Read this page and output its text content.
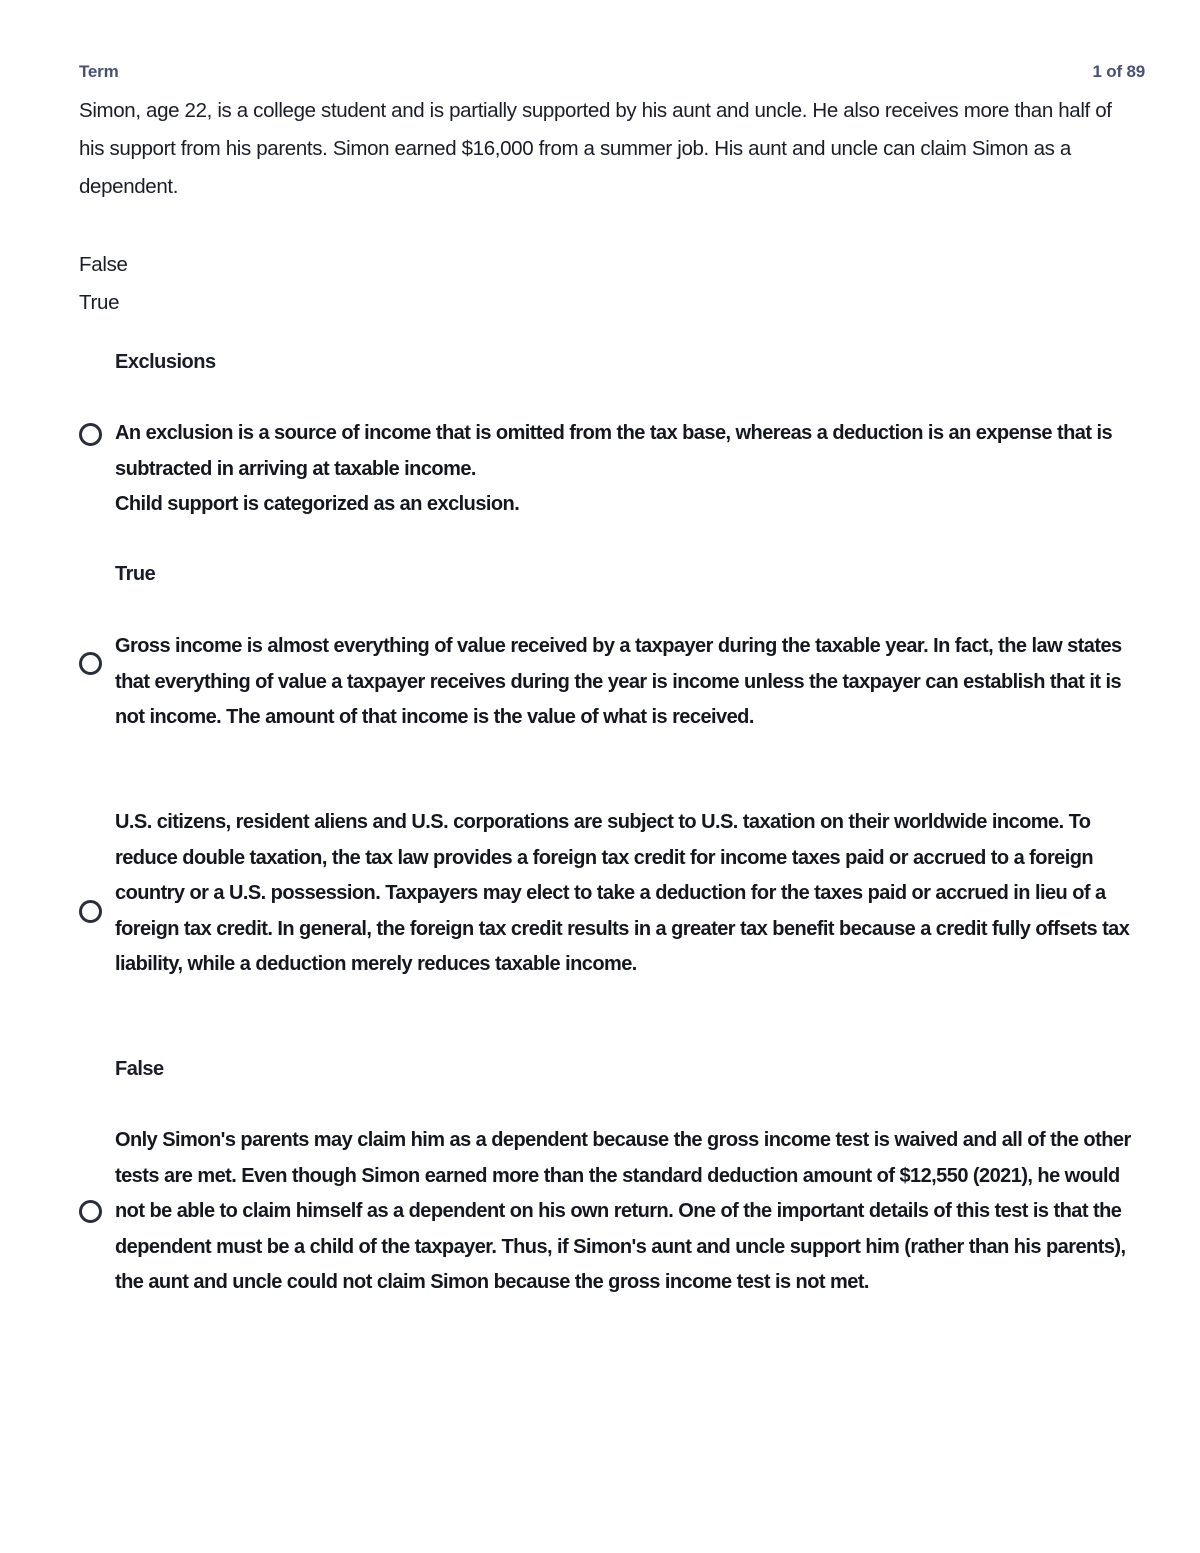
Term	1 of 89
Simon, age 22, is a college student and is partially supported by his aunt and uncle. He also receives more than half of his support from his parents. Simon earned $16,000 from a summer job. His aunt and uncle can claim Simon as a dependent.
False
True
Exclusions
An exclusion is a source of income that is omitted from the tax base, whereas a deduction is an expense that is subtracted in arriving at taxable income.
Child support is categorized as an exclusion.
True
Gross income is almost everything of value received by a taxpayer during the taxable year. In fact, the law states that everything of value a taxpayer receives during the year is income unless the taxpayer can establish that it is not income. The amount of that income is the value of what is received.
U.S. citizens, resident aliens and U.S. corporations are subject to U.S. taxation on their worldwide income. To reduce double taxation, the tax law provides a foreign tax credit for income taxes paid or accrued to a foreign country or a U.S. possession. Taxpayers may elect to take a deduction for the taxes paid or accrued in lieu of a foreign tax credit. In general, the foreign tax credit results in a greater tax benefit because a credit fully offsets tax liability, while a deduction merely reduces taxable income.
False
Only Simon's parents may claim him as a dependent because the gross income test is waived and all of the other tests are met. Even though Simon earned more than the standard deduction amount of $12,550 (2021), he would not be able to claim himself as a dependent on his own return. One of the important details of this test is that the dependent must be a child of the taxpayer. Thus, if Simon's aunt and uncle support him (rather than his parents), the aunt and uncle could not claim Simon because the gross income test is not met.
